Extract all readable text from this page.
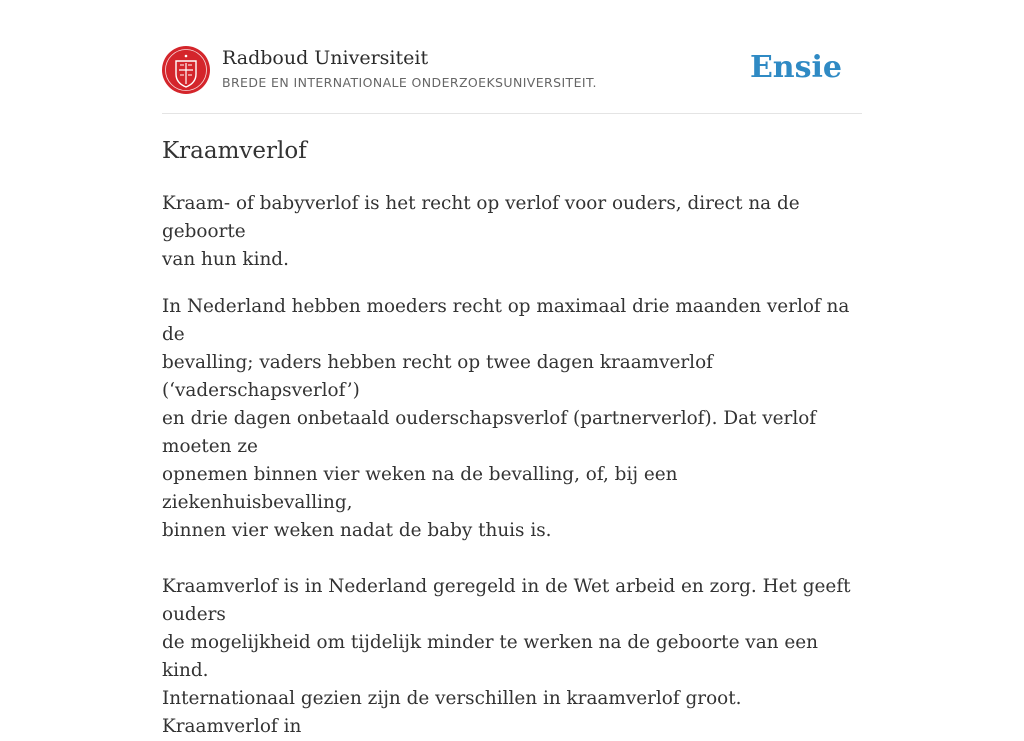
Radboud Universiteit
BREDE EN INTERNATIONALE ONDERZOEKSUNIVERSITEIT.	Ensie
Kraamverlof

Kraam- of babyverlof is het recht op verlof voor ouders, direct na de geboorte
van hun kind.

In Nederland hebben moeders recht op maximaal drie maanden verlof na de
bevalling; vaders hebben recht op twee dagen kraamverlof (‘vaderschapsverlof’)
en drie dagen onbetaald ouderschapsverlof (partnerverlof). Dat verlof moeten ze
opnemen binnen vier weken na de bevalling, of, bij een ziekenhuisbevalling,
binnen vier weken nadat de baby thuis is.

Kraamverlof is in Nederland geregeld in de Wet arbeid en zorg. Het geeft ouders
de mogelijkheid om tijdelijk minder te werken na de geboorte van een kind.
Internationaal gezien zijn de verschillen in kraamverlof groot. Kraamverlof in
